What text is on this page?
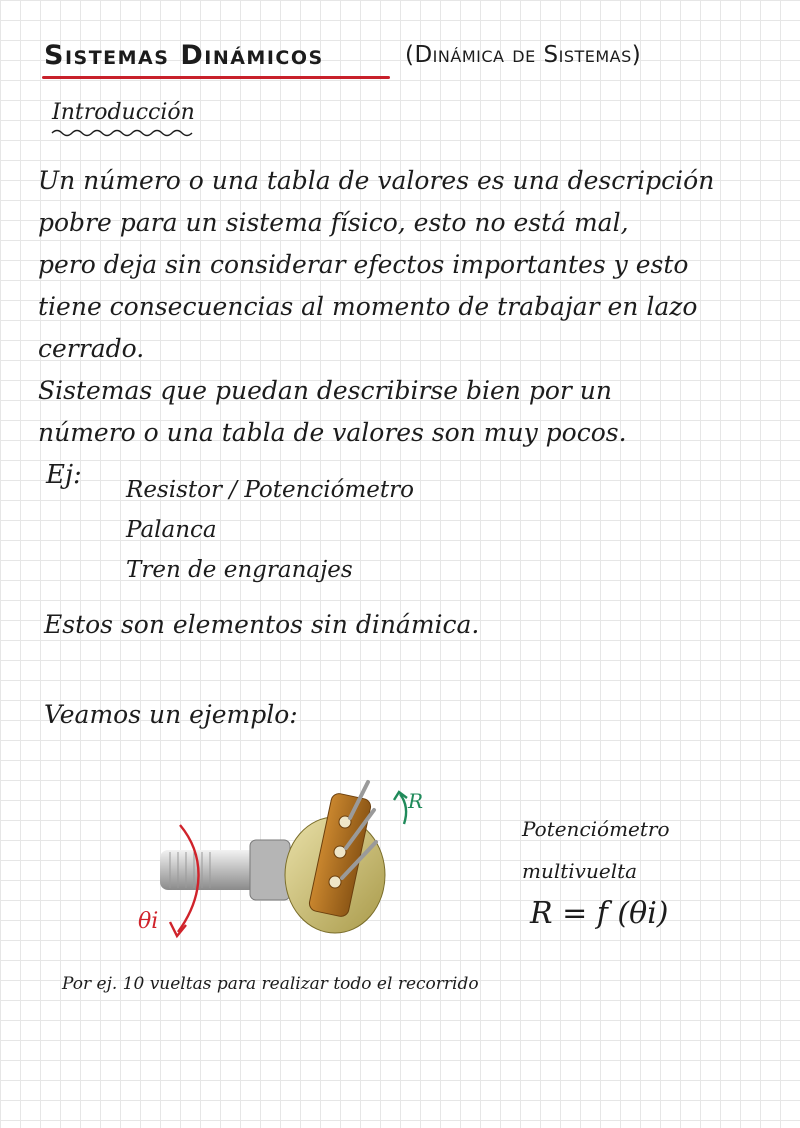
Sistemas Dinámicos	(Dinámica de Sistemas)
Introducción
Un número o una tabla de valores es una descripción
pobre para un sistema físico, esto no está mal,
pero deja sin considerar efectos importantes y esto
tiene consecuencias al momento de trabajar en lazo
cerrado.
Sistemas que puedan describirse bien por un
número o una tabla de valores son muy pocos.
Ej: Resistor / Potenciómetro
Palanca
Tren de engranajes
Estos son elementos sin dinámica.
Veamos un ejemplo:
θi
R
Potenciómetro
multivuelta
R = f (θi)
Por ej. 10 vueltas para realizar todo el recorrido
